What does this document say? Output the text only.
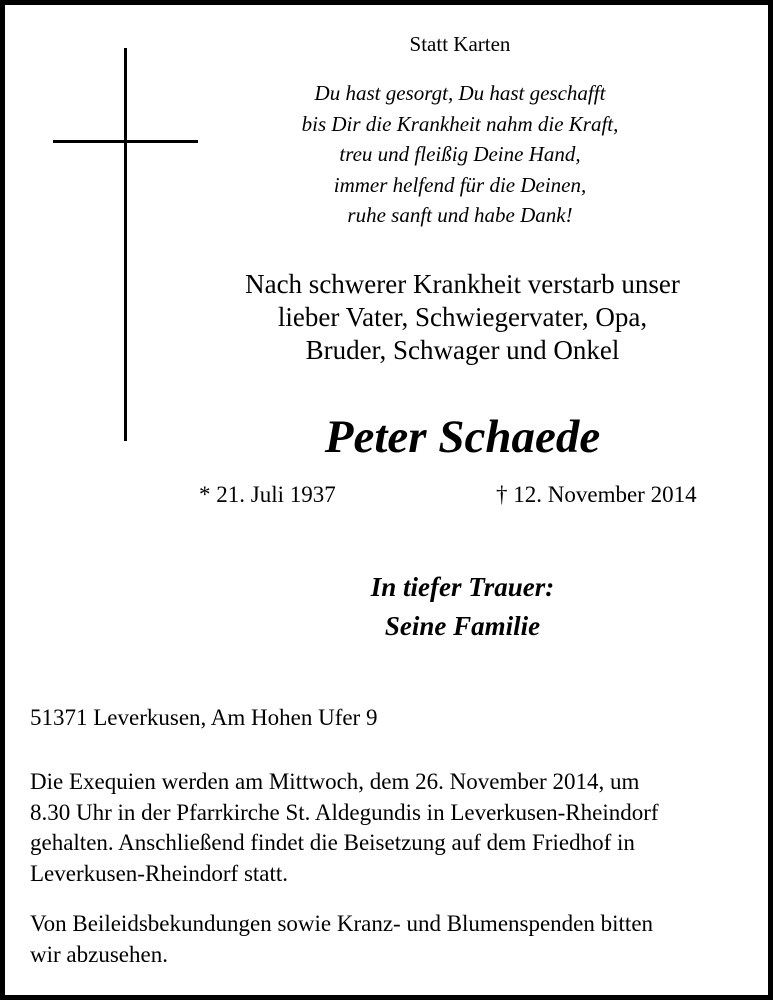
Statt Karten
Du hast gesorgt, Du hast geschafft
bis Dir die Krankheit nahm die Kraft,
treu und fleißig Deine Hand,
immer helfend für die Deinen,
ruhe sanft und habe Dank!
Nach schwerer Krankheit verstarb unser
lieber Vater, Schwiegervater, Opa,
Bruder, Schwager und Onkel
Peter Schaede
* 21. Juli 1937	† 12. November 2014
In tiefer Trauer:
Seine Familie
51371 Leverkusen, Am Hohen Ufer 9
Die Exequien werden am Mittwoch, dem 26. November 2014, um
8.30 Uhr in der Pfarrkirche St. Aldegundis in Leverkusen-Rheindorf
gehalten. Anschließend findet die Beisetzung auf dem Friedhof in
Leverkusen-Rheindorf statt.
Von Beileidsbekundungen sowie Kranz- und Blumenspenden bitten
wir abzusehen.
